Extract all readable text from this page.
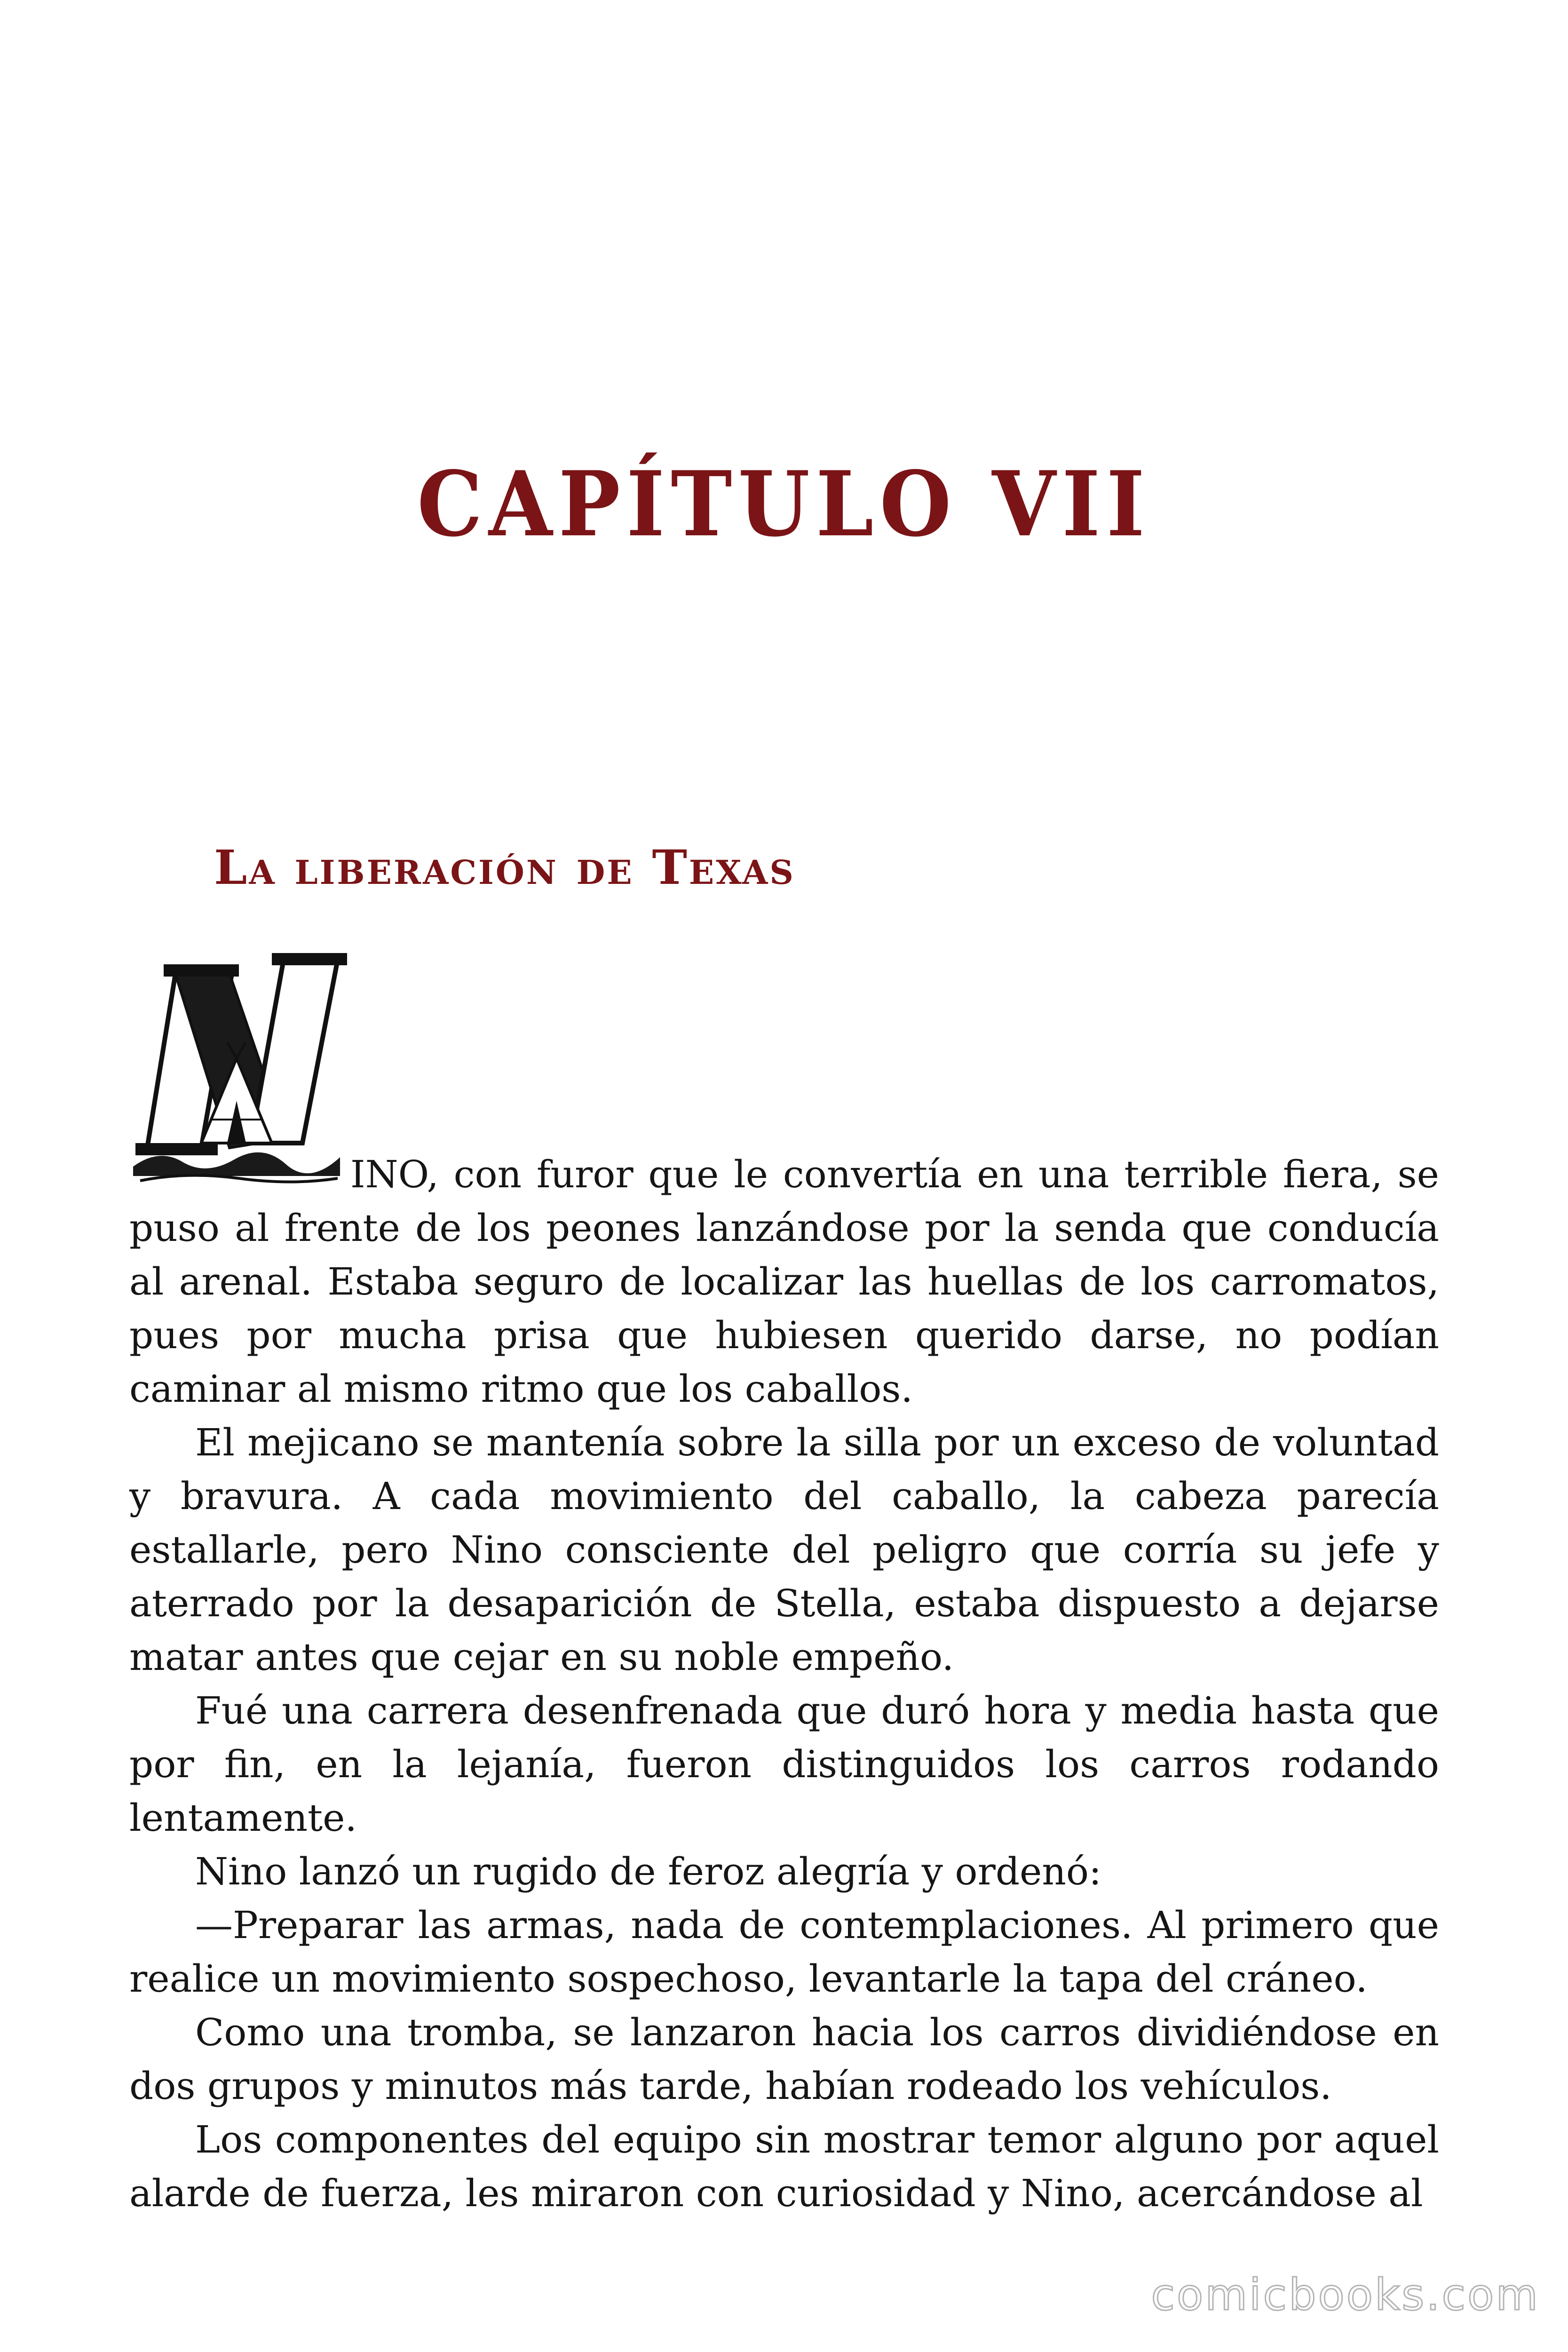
CAPÍTULO VII
La liberación de Texas

INO, con furor que le convertía en una terrible fiera, se puso al frente de los peones lanzándose por la senda que conducía al arenal. Estaba seguro de localizar las huellas de los carromatos, pues por mucha prisa que hubiesen querido darse, no podían caminar al mismo ritmo que los caballos.

El mejicano se mantenía sobre la silla por un exceso de voluntad y bravura. A cada movimiento del caballo, la cabeza parecía estallarle, pero Nino consciente del peligro que corría su jefe y aterrado por la desaparición de Stella, estaba dispuesto a dejarse matar antes que cejar en su noble empeño.

Fué una carrera desenfrenada que duró hora y media hasta que por fin, en la lejanía, fueron distinguidos los carros rodando lentamente.

Nino lanzó un rugido de feroz alegría y ordenó:

—Preparar las armas, nada de contemplaciones. Al primero que realice un movimiento sospechoso, levantarle la tapa del cráneo.

Como una tromba, se lanzaron hacia los carros dividiéndose en dos grupos y minutos más tarde, habían rodeado los vehículos.

Los componentes del equipo sin mostrar temor alguno por aquel alarde de fuerza, les miraron con curiosidad y Nino, acercándose al

comicbooks.com
